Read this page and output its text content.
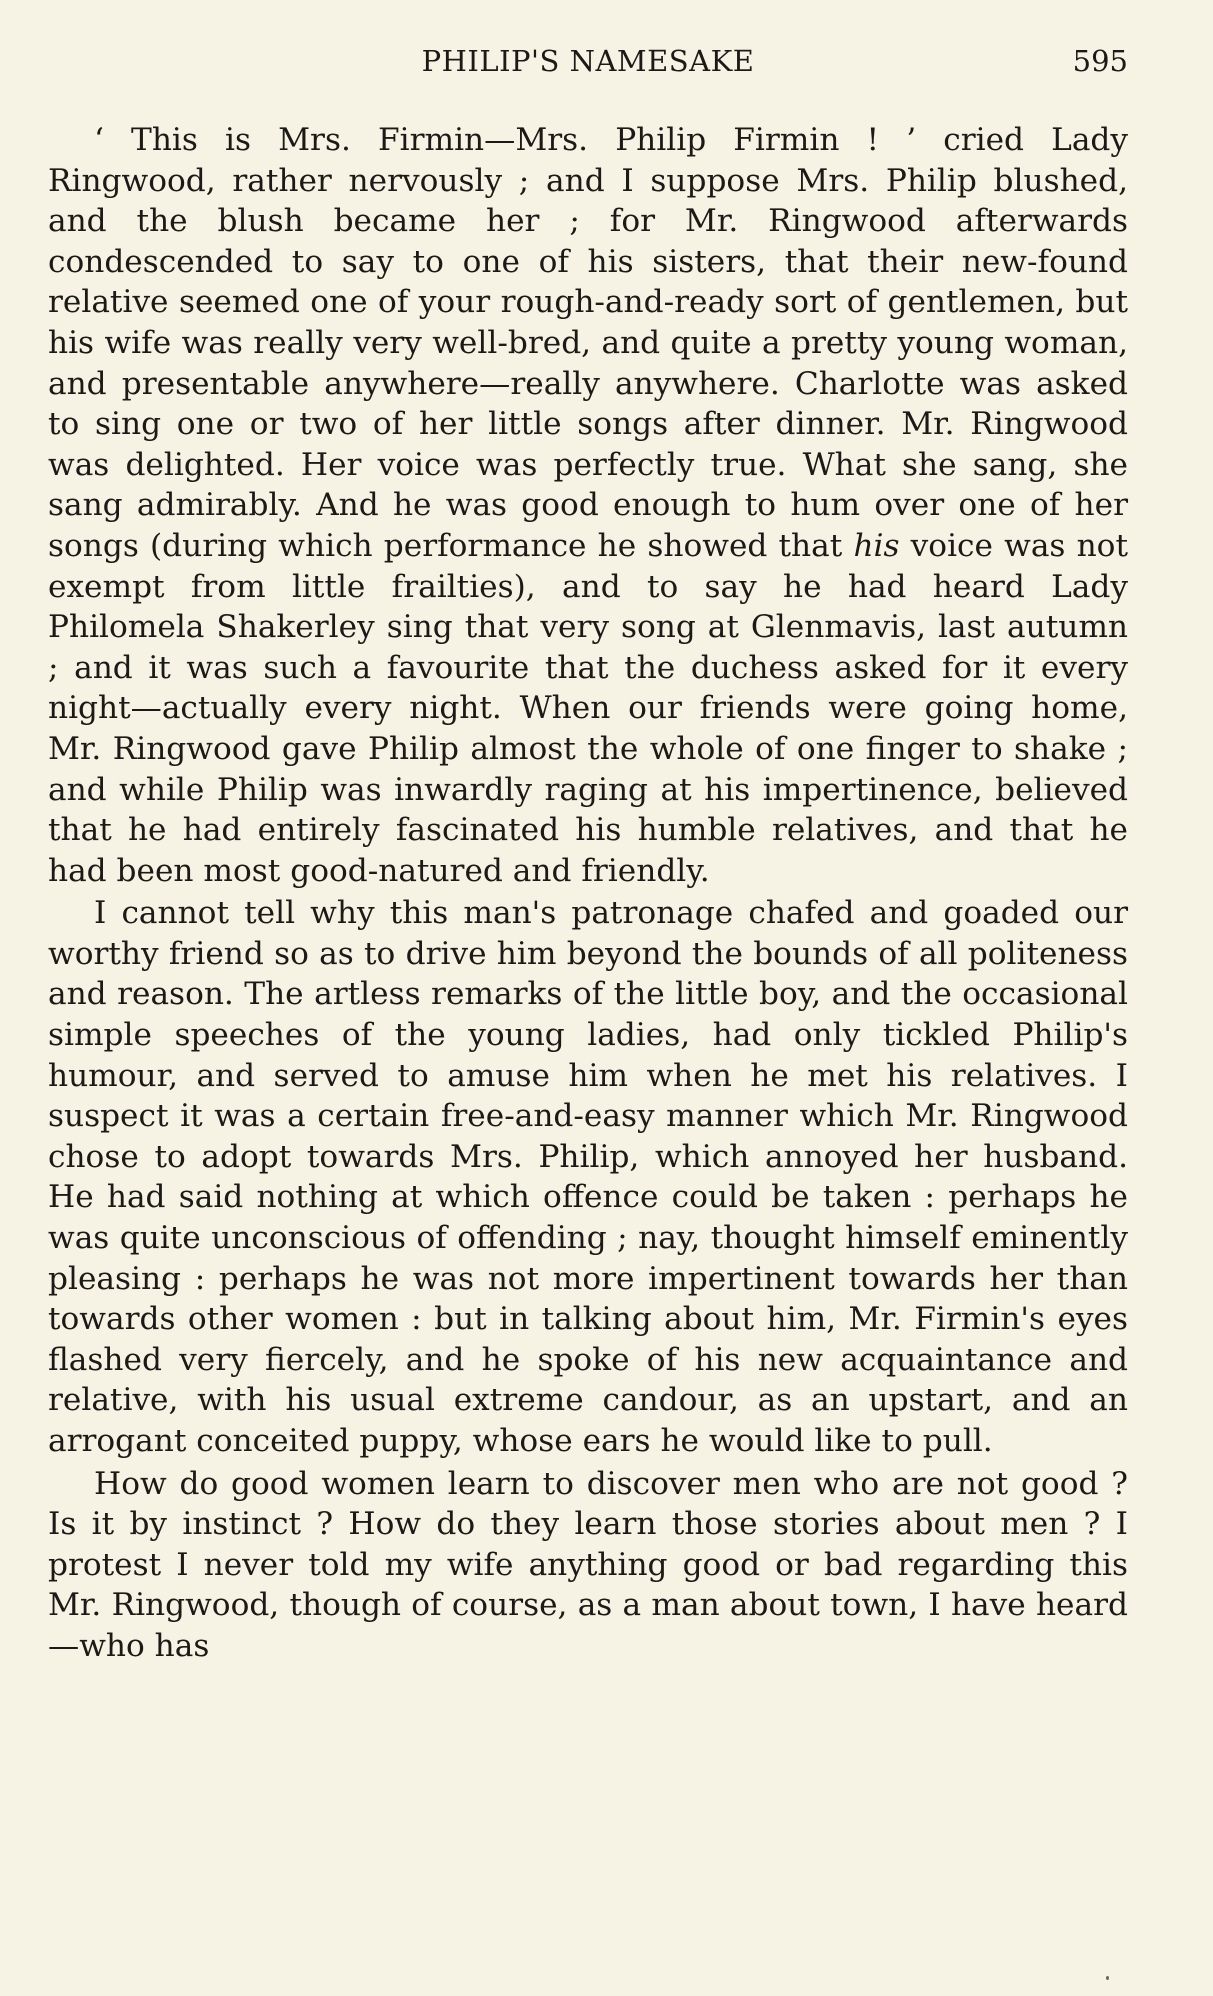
PHILIP'S NAMESAKE	595

‘ This is Mrs. Firmin—Mrs. Philip Firmin ! ’ cried Lady Ringwood, rather nervously ; and I suppose Mrs. Philip blushed, and the blush became her ; for Mr. Ringwood afterwards condescended to say to one of his sisters, that their new-found relative seemed one of your rough-and-ready sort of gentlemen, but his wife was really very well-bred, and quite a pretty young woman, and presentable anywhere—really anywhere. Charlotte was asked to sing one or two of her little songs after dinner. Mr. Ringwood was delighted. Her voice was perfectly true. What she sang, she sang admirably. And he was good enough to hum over one of her songs (during which performance he showed that his voice was not exempt from little frailties), and to say he had heard Lady Philomela Shakerley sing that very song at Glenmavis, last autumn ; and it was such a favourite that the duchess asked for it every night—actually every night. When our friends were going home, Mr. Ringwood gave Philip almost the whole of one finger to shake ; and while Philip was inwardly raging at his impertinence, believed that he had entirely fascinated his humble relatives, and that he had been most good-natured and friendly.

I cannot tell why this man's patronage chafed and goaded our worthy friend so as to drive him beyond the bounds of all politeness and reason. The artless remarks of the little boy, and the occasional simple speeches of the young ladies, had only tickled Philip's humour, and served to amuse him when he met his relatives. I suspect it was a certain free-and-easy manner which Mr. Ringwood chose to adopt towards Mrs. Philip, which annoyed her husband. He had said nothing at which offence could be taken : perhaps he was quite unconscious of offending ; nay, thought himself eminently pleasing : perhaps he was not more impertinent towards her than towards other women : but in talking about him, Mr. Firmin's eyes flashed very fiercely, and he spoke of his new acquaintance and relative, with his usual extreme candour, as an upstart, and an arrogant conceited puppy, whose ears he would like to pull.

How do good women learn to discover men who are not good ? Is it by instinct ? How do they learn those stories about men ? I protest I never told my wife anything good or bad regarding this Mr. Ringwood, though of course, as a man about town, I have heard—who has
